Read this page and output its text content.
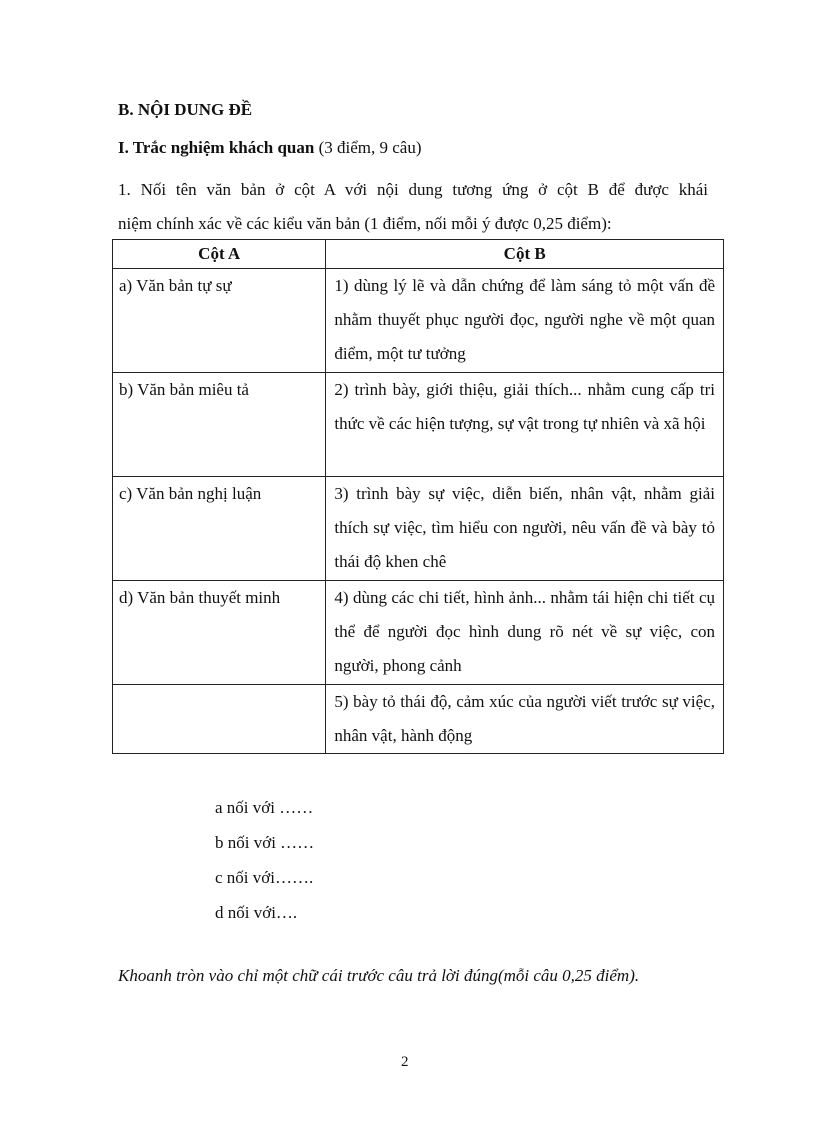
B. NỘI DUNG ĐỀ
I. Trắc nghiệm khách quan (3 điểm, 9 câu)
1. Nối tên văn bản ở cột A với nội dung tương ứng ở cột B để được khái
niệm chính xác về các kiểu văn bản (1 điểm, nối mỗi ý được 0,25 điểm):
Cột A	Cột B
a) Văn bản tự sự	1) dùng lý lẽ và dẫn chứng để làm sáng tỏ một vấn đề nhằm thuyết phục người đọc, người nghe về một quan điểm, một tư tưởng
b) Văn bản miêu tả	2) trình bày, giới thiệu, giải thích... nhằm cung cấp tri thức về các hiện tượng, sự vật trong tự nhiên và xã hội
c) Văn bản nghị luận	3) trình bày sự việc, diễn biến, nhân vật, nhằm giải thích sự việc, tìm hiểu con người, nêu vấn đề và bày tỏ thái độ khen chê
d) Văn bản thuyết minh	4) dùng các chi tiết, hình ảnh... nhằm tái hiện chi tiết cụ thể để người đọc hình dung rõ nét về sự việc, con người, phong cảnh
	5) bày tỏ thái độ, cảm xúc của người viết trước sự việc, nhân vật, hành động
a nối với ……
b nối với ……
c nối với…….
d nối với….
Khoanh tròn vào chỉ một chữ cái trước câu trả lời đúng(mỗi câu 0,25 điểm).
2
